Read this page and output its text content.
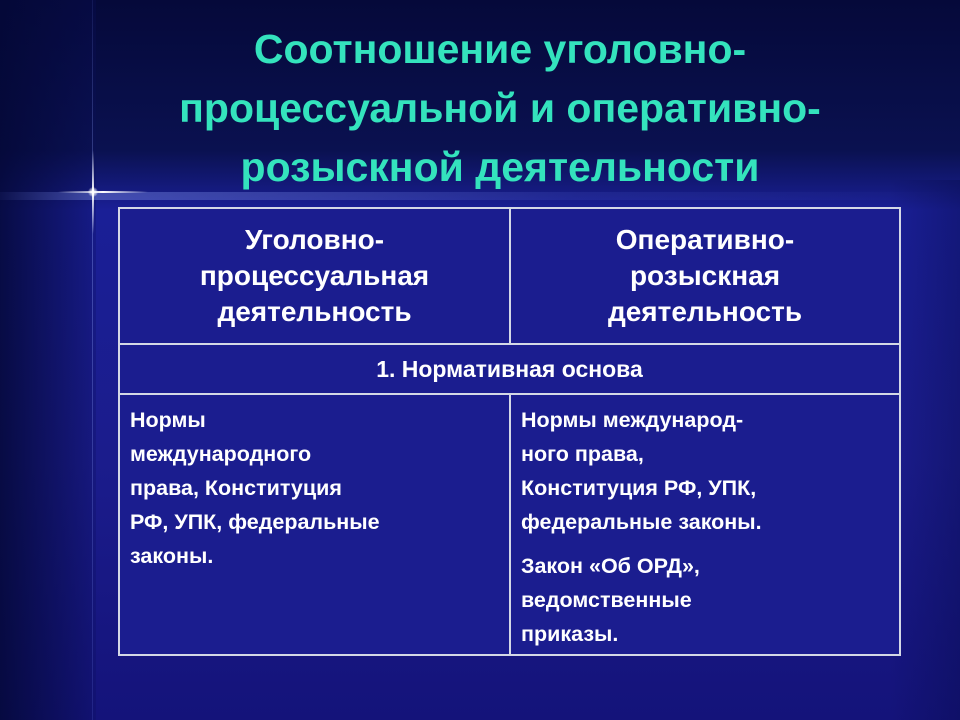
Соотношение уголовно-
процессуальной и оперативно-
розыскной деятельности
Уголовно-
процессуальная
деятельность
Оперативно-
розыскная
деятельность
1. Нормативная основа
Нормы
международного
права, Конституция
РФ, УПК, федеральные
законы.
Нормы международ-
ного права,
Конституция РФ, УПК,
федеральные законы.
Закон «Об ОРД»,
ведомственные
приказы.
